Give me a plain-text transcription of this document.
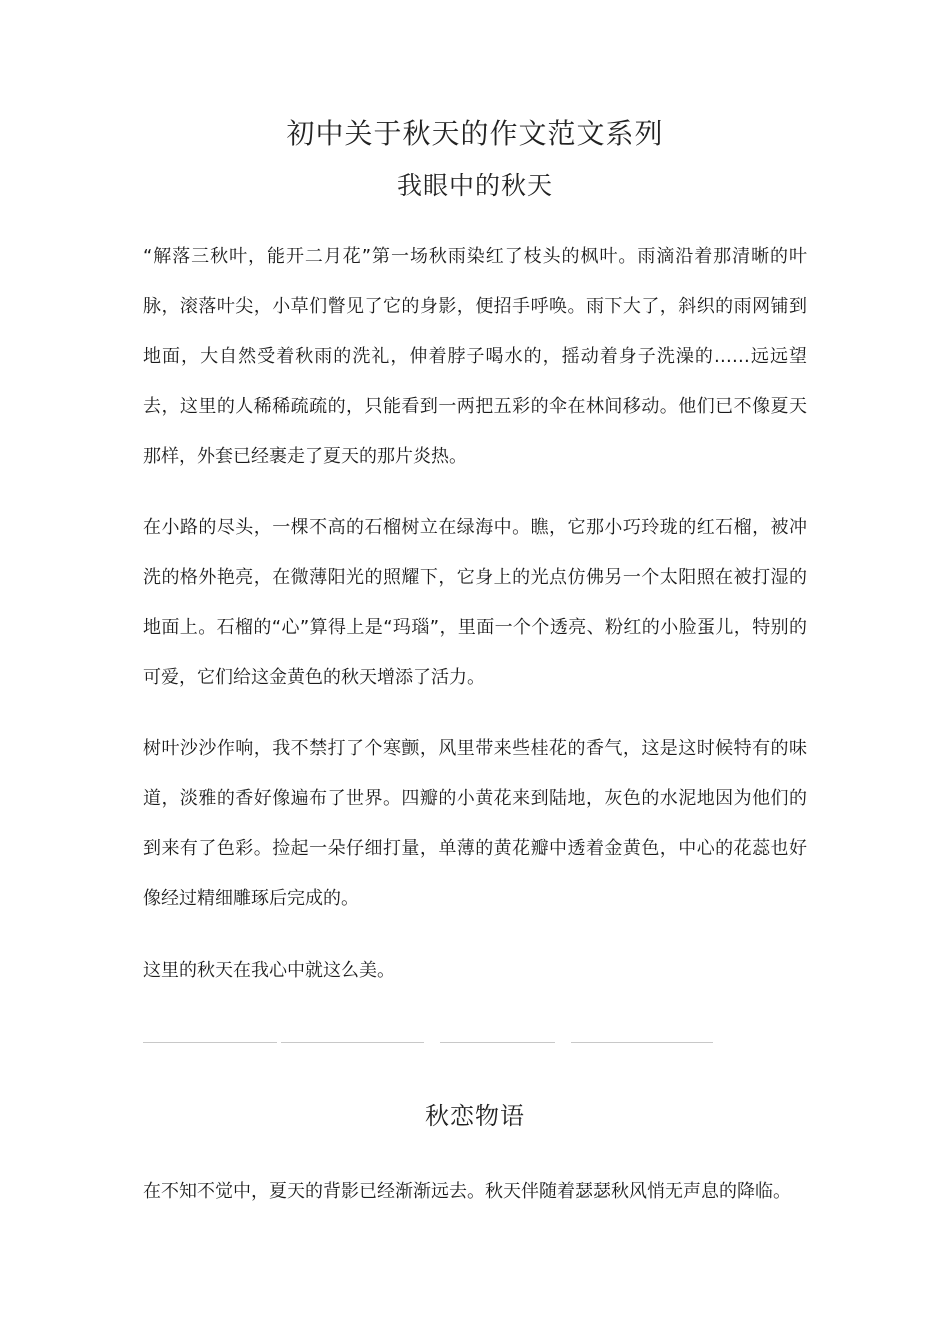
初中关于秋天的作文范文系列
我眼中的秋天

“解落三秋叶，能开二月花”第一场秋雨染红了枝头的枫叶。雨滴沿着那清晰的叶脉，滚落叶尖，小草们瞥见了它的身影，便招手呼唤。雨下大了，斜织的雨网铺到地面，大自然受着秋雨的洗礼，伸着脖子喝水的，摇动着身子洗澡的……远远望去，这里的人稀稀疏疏的，只能看到一两把五彩的伞在林间移动。他们已不像夏天那样，外套已经裹走了夏天的那片炎热。

在小路的尽头，一棵不高的石榴树立在绿海中。瞧，它那小巧玲珑的红石榴，被冲洗的格外艳亮，在微薄阳光的照耀下，它身上的光点仿佛另一个太阳照在被打湿的地面上。石榴的“心”算得上是“玛瑙”，里面一个个透亮、粉红的小脸蛋儿，特别的可爱，它们给这金黄色的秋天增添了活力。

树叶沙沙作响，我不禁打了个寒颤，风里带来些桂花的香气，这是这时候特有的味道，淡雅的香好像遍布了世界。四瓣的小黄花来到陆地，灰色的水泥地因为他们的到来有了色彩。捡起一朵仔细打量，单薄的黄花瓣中透着金黄色，中心的花蕊也好像经过精细雕琢后完成的。

这里的秋天在我心中就这么美。

秋恋物语

在不知不觉中，夏天的背影已经渐渐远去。秋天伴随着瑟瑟秋风悄无声息的降临。
